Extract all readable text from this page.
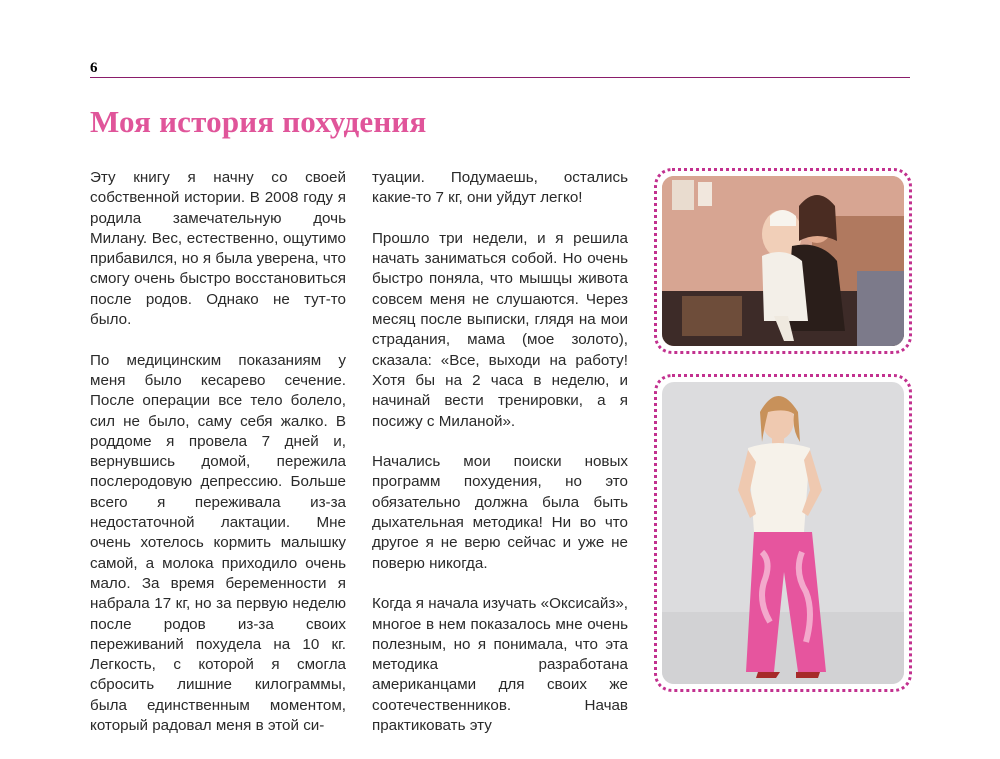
6
Моя история похудения

Эту книгу я начну со своей собственной истории. В 2008 году я родила замечательную дочь Милану. Вес, естественно, ощутимо прибавился, но я была уверена, что смогу очень быстро восстановиться после родов. Однако не тут-то было.

По медицинским показаниям у меня было кесарево сечение. После операции все тело болело, сил не было, саму себя жалко. В роддоме я провела 7 дней и, вернувшись домой, пережила послеродовую депрессию. Больше всего я переживала из-за недостаточной лактации. Мне очень хотелось кормить малышку самой, а молока приходило очень мало. За время беременности я набрала 17 кг, но за первую неделю после родов из-за своих переживаний похудела на 10 кг. Легкость, с которой я смогла сбросить лишние килограммы, была единственным моментом, который радовал меня в этой си-

туации. Подумаешь, остались какие-то 7 кг, они уйдут легко!

Прошло три недели, и я решила начать заниматься собой. Но очень быстро поняла, что мышцы живота совсем меня не слушаются. Через месяц после выписки, глядя на мои страдания, мама (мое золото), сказала: «Все, выходи на работу! Хотя бы на 2 часа в неделю, и начинай вести тренировки, а я посижу с Миланой».

Начались мои поиски новых программ похудения, но это обязательно должна была быть дыхательная методика! Ни во что другое я не верю сейчас и уже не поверю никогда.

Когда я начала изучать «Оксисайз», многое в нем показалось мне очень полезным, но я понимала, что эта методика разработана американцами для своих же соотечественников. Начав практиковать эту
